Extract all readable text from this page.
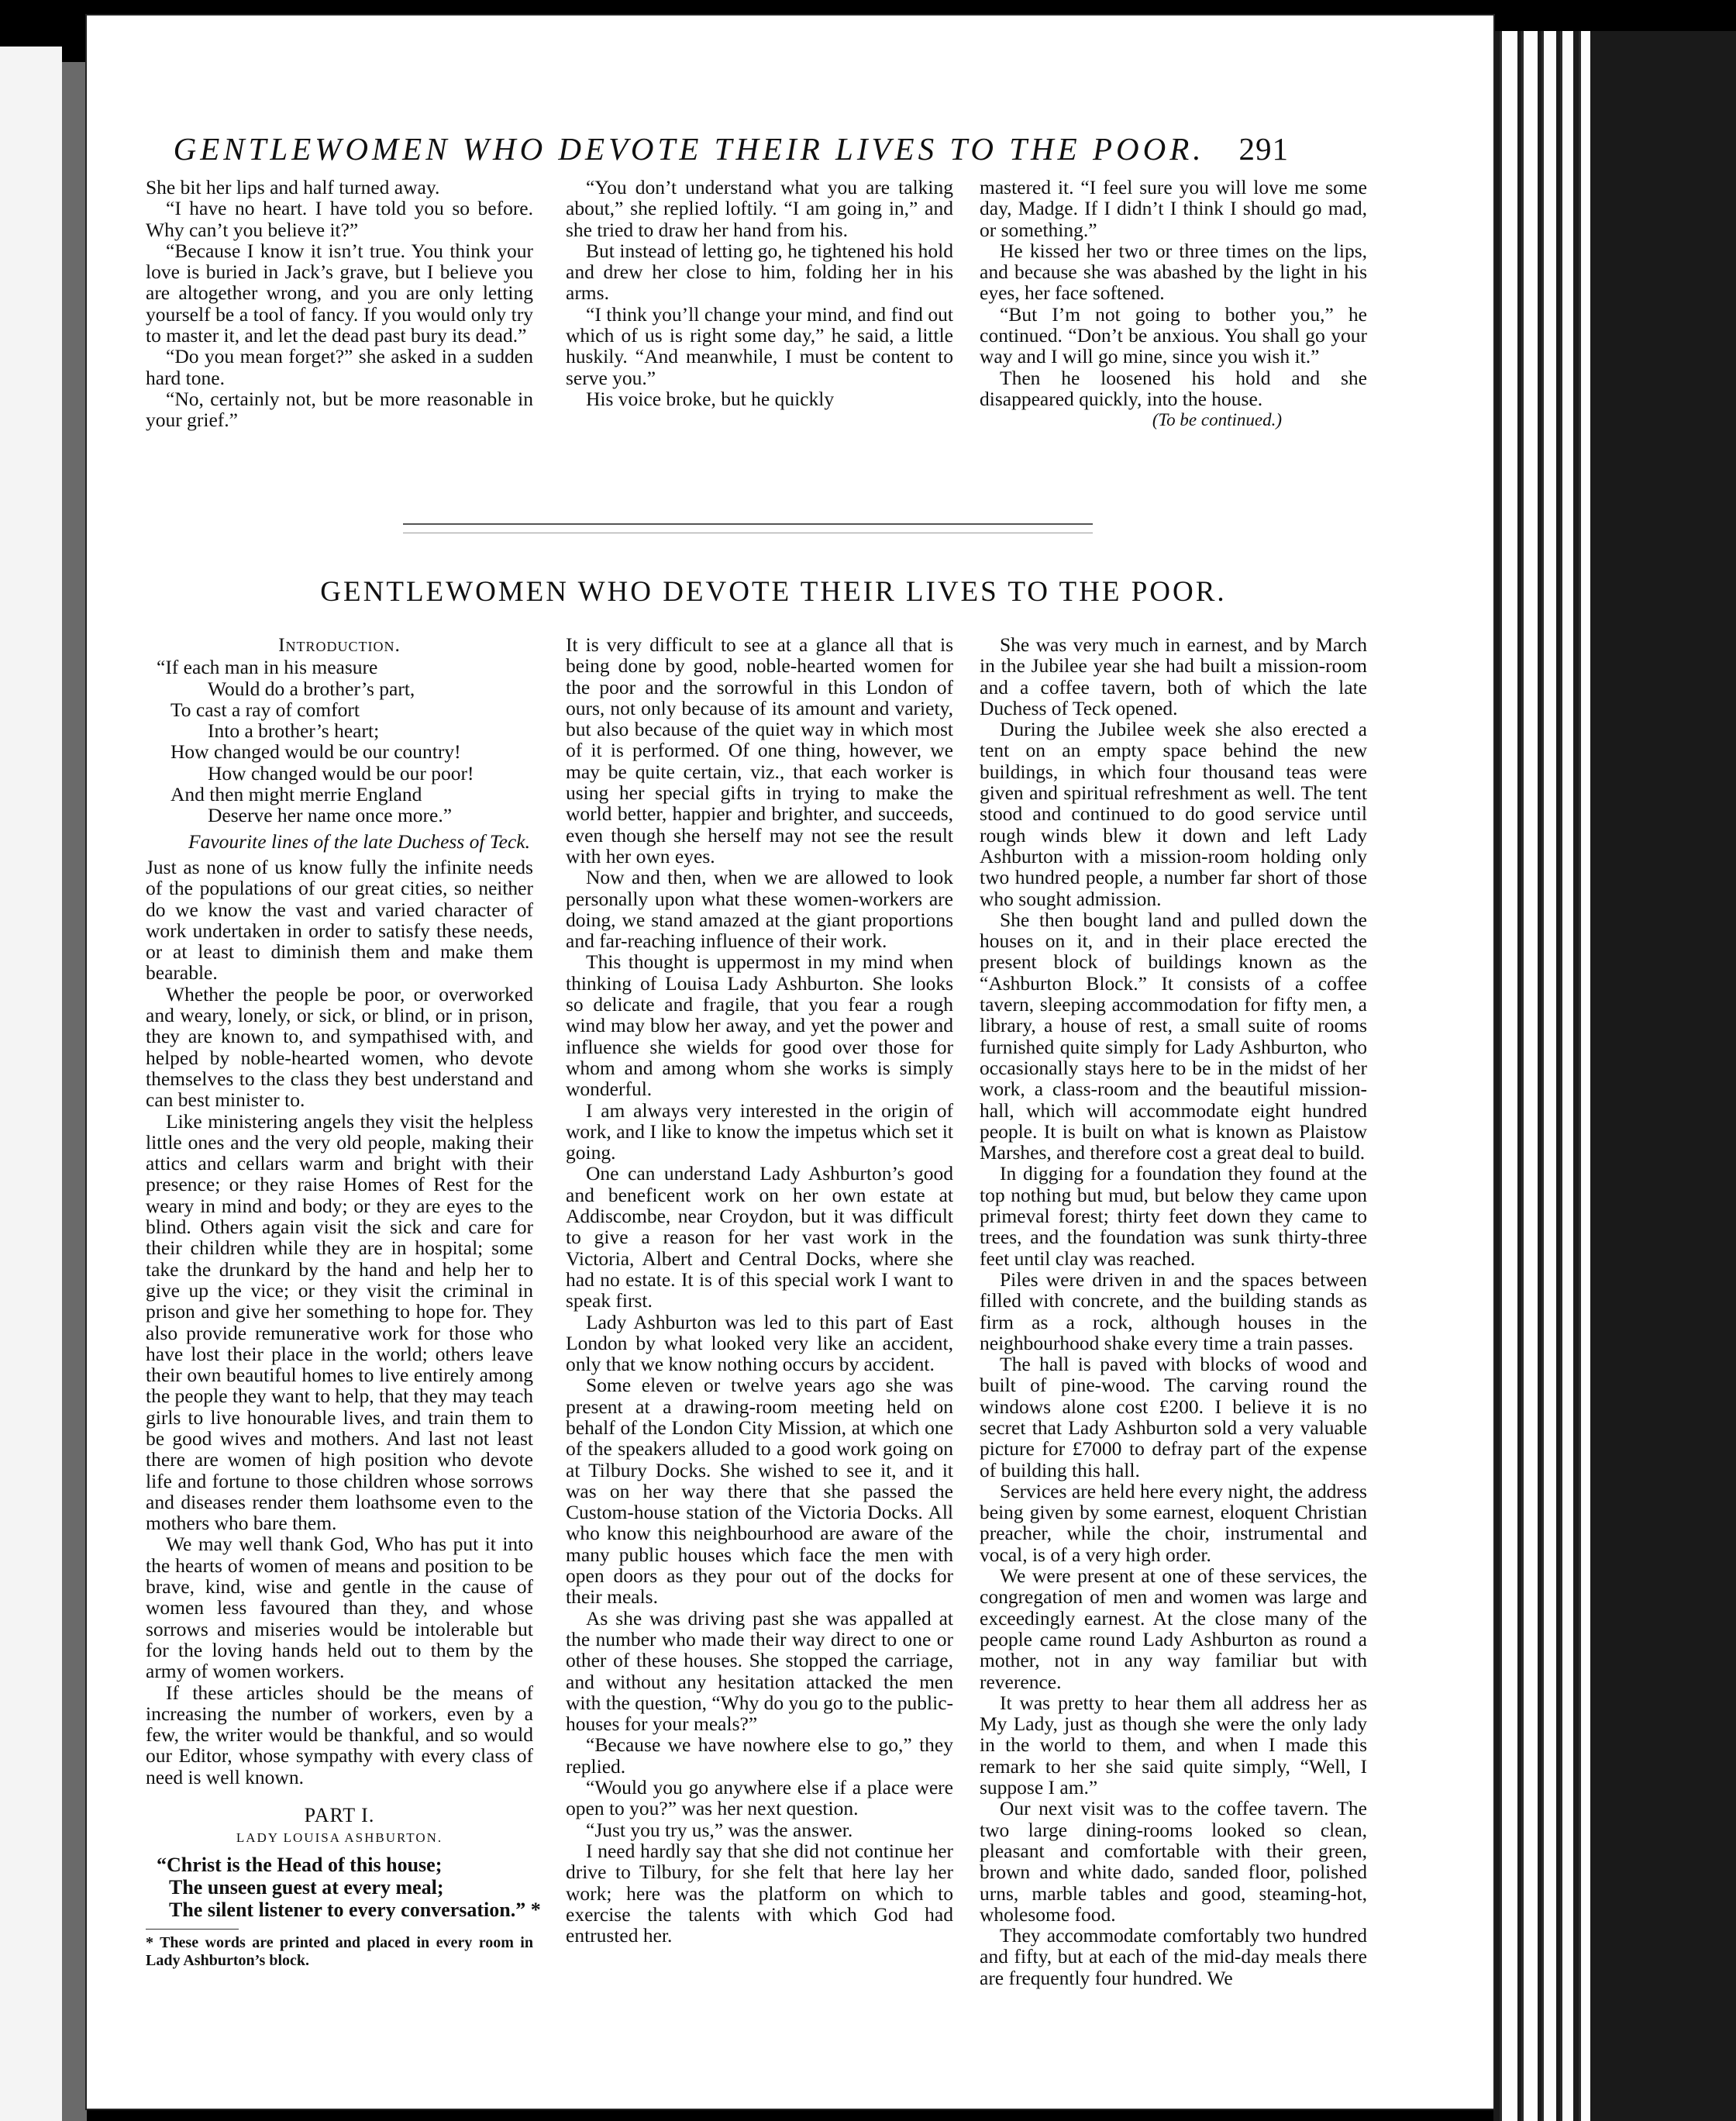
GENTLEWOMEN WHO DEVOTE THEIR LIVES TO THE POOR. 291

She bit her lips and half turned away.

“I have no heart. I have told you so before. Why can’t you believe it?”

“Because I know it isn’t true. You think your love is buried in Jack’s grave, but I believe you are altogether wrong, and you are only letting yourself be a tool of fancy. If you would only try to master it, and let the dead past bury its dead.”

“Do you mean forget?” she asked in a sudden hard tone.

“No, certainly not, but be more reasonable in your grief.”

“You don’t understand what you are talking about,” she replied loftily. “I am going in,” and she tried to draw her hand from his.

But instead of letting go, he tightened his hold and drew her close to him, folding her in his arms.

“I think you’ll change your mind, and find out which of us is right some day,” he said, a little huskily. “And meanwhile, I must be content to serve you.”

His voice broke, but he quickly

mastered it. “I feel sure you will love me some day, Madge. If I didn’t I think I should go mad, or something.”

He kissed her two or three times on the lips, and because she was abashed by the light in his eyes, her face softened.

“But I’m not going to bother you,” he continued. “Don’t be anxious. You shall go your way and I will go mine, since you wish it.”

Then he loosened his hold and she disappeared quickly, into the house.

(To be continued.)
GENTLEWOMEN WHO DEVOTE THEIR LIVES TO THE POOR.
Introduction.
“If each man in his measure
Would do a brother’s part,
To cast a ray of comfort
Into a brother’s heart;
How changed would be our country!
How changed would be our poor!
And then might merrie England
Deserve her name once more.”
Favourite lines of the late Duchess of Teck.

Just as none of us know fully the infinite needs of the populations of our great cities, so neither do we know the vast and varied character of work undertaken in order to satisfy these needs, or at least to diminish them and make them bearable.

Whether the people be poor, or overworked and weary, lonely, or sick, or blind, or in prison, they are known to, and sympathised with, and helped by noble-hearted women, who devote themselves to the class they best understand and can best minister to.

Like ministering angels they visit the helpless little ones and the very old people, making their attics and cellars warm and bright with their presence; or they raise Homes of Rest for the weary in mind and body; or they are eyes to the blind. Others again visit the sick and care for their children while they are in hospital; some take the drunkard by the hand and help her to give up the vice; or they visit the criminal in prison and give her something to hope for. They also provide remunerative work for those who have lost their place in the world; others leave their own beautiful homes to live entirely among the people they want to help, that they may teach girls to live honourable lives, and train them to be good wives and mothers. And last not least there are women of high position who devote life and fortune to those children whose sorrows and diseases render them loathsome even to the mothers who bare them.

We may well thank God, Who has put it into the hearts of women of means and position to be brave, kind, wise and gentle in the cause of women less favoured than they, and whose sorrows and miseries would be intolerable but for the loving hands held out to them by the army of women workers.

If these articles should be the means of increasing the number of workers, even by a few, the writer would be thankful, and so would our Editor, whose sympathy with every class of need is well known.

PART I.
LADY LOUISA ASHBURTON.
“Christ is the Head of this house;
The unseen guest at every meal;
The silent listener to every conversation.” *
* These words are printed and placed in every room in Lady Ashburton’s block.

It is very difficult to see at a glance all that is being done by good, noble-hearted women for the poor and the sorrowful in this London of ours, not only because of its amount and variety, but also because of the quiet way in which most of it is performed. Of one thing, however, we may be quite certain, viz., that each worker is using her special gifts in trying to make the world better, happier and brighter, and succeeds, even though she herself may not see the result with her own eyes.

Now and then, when we are allowed to look personally upon what these women-workers are doing, we stand amazed at the giant proportions and far-reaching influence of their work.

This thought is uppermost in my mind when thinking of Louisa Lady Ashburton. She looks so delicate and fragile, that you fear a rough wind may blow her away, and yet the power and influence she wields for good over those for whom and among whom she works is simply wonderful.

I am always very interested in the origin of work, and I like to know the impetus which set it going.

One can understand Lady Ashburton’s good and beneficent work on her own estate at Addiscombe, near Croydon, but it was difficult to give a reason for her vast work in the Victoria, Albert and Central Docks, where she had no estate. It is of this special work I want to speak first.

Lady Ashburton was led to this part of East London by what looked very like an accident, only that we know nothing occurs by accident.

Some eleven or twelve years ago she was present at a drawing-room meeting held on behalf of the London City Mission, at which one of the speakers alluded to a good work going on at Tilbury Docks. She wished to see it, and it was on her way there that she passed the Custom-house station of the Victoria Docks. All who know this neighbourhood are aware of the many public houses which face the men with open doors as they pour out of the docks for their meals.

As she was driving past she was appalled at the number who made their way direct to one or other of these houses. She stopped the carriage, and without any hesitation attacked the men with the question, “Why do you go to the public-houses for your meals?”

“Because we have nowhere else to go,” they replied.

“Would you go anywhere else if a place were open to you?” was her next question.

“Just you try us,” was the answer.

I need hardly say that she did not continue her drive to Tilbury, for she felt that here lay her work; here was the platform on which to exercise the talents with which God had entrusted her.

She was very much in earnest, and by March in the Jubilee year she had built a mission-room and a coffee tavern, both of which the late Duchess of Teck opened.

During the Jubilee week she also erected a tent on an empty space behind the new buildings, in which four thousand teas were given and spiritual refreshment as well. The tent stood and continued to do good service until rough winds blew it down and left Lady Ashburton with a mission-room holding only two hundred people, a number far short of those who sought admission.

She then bought land and pulled down the houses on it, and in their place erected the present block of buildings known as the “Ashburton Block.” It consists of a coffee tavern, sleeping accommodation for fifty men, a library, a house of rest, a small suite of rooms furnished quite simply for Lady Ashburton, who occasionally stays here to be in the midst of her work, a class-room and the beautiful mission-hall, which will accommodate eight hundred people. It is built on what is known as Plaistow Marshes, and therefore cost a great deal to build.

In digging for a foundation they found at the top nothing but mud, but below they came upon primeval forest; thirty feet down they came to trees, and the foundation was sunk thirty-three feet until clay was reached.

Piles were driven in and the spaces between filled with concrete, and the building stands as firm as a rock, although houses in the neighbourhood shake every time a train passes.

The hall is paved with blocks of wood and built of pine-wood. The carving round the windows alone cost £200. I believe it is no secret that Lady Ashburton sold a very valuable picture for £7000 to defray part of the expense of building this hall.

Services are held here every night, the address being given by some earnest, eloquent Christian preacher, while the choir, instrumental and vocal, is of a very high order.

We were present at one of these services, the congregation of men and women was large and exceedingly earnest. At the close many of the people came round Lady Ashburton as round a mother, not in any way familiar but with reverence.

It was pretty to hear them all address her as My Lady, just as though she were the only lady in the world to them, and when I made this remark to her she said quite simply, “Well, I suppose I am.”

Our next visit was to the coffee tavern. The two large dining-rooms looked so clean, pleasant and comfortable with their green, brown and white dado, sanded floor, polished urns, marble tables and good, steaming-hot, wholesome food.

They accommodate comfortably two hundred and fifty, but at each of the mid-day meals there are frequently four hundred. We
